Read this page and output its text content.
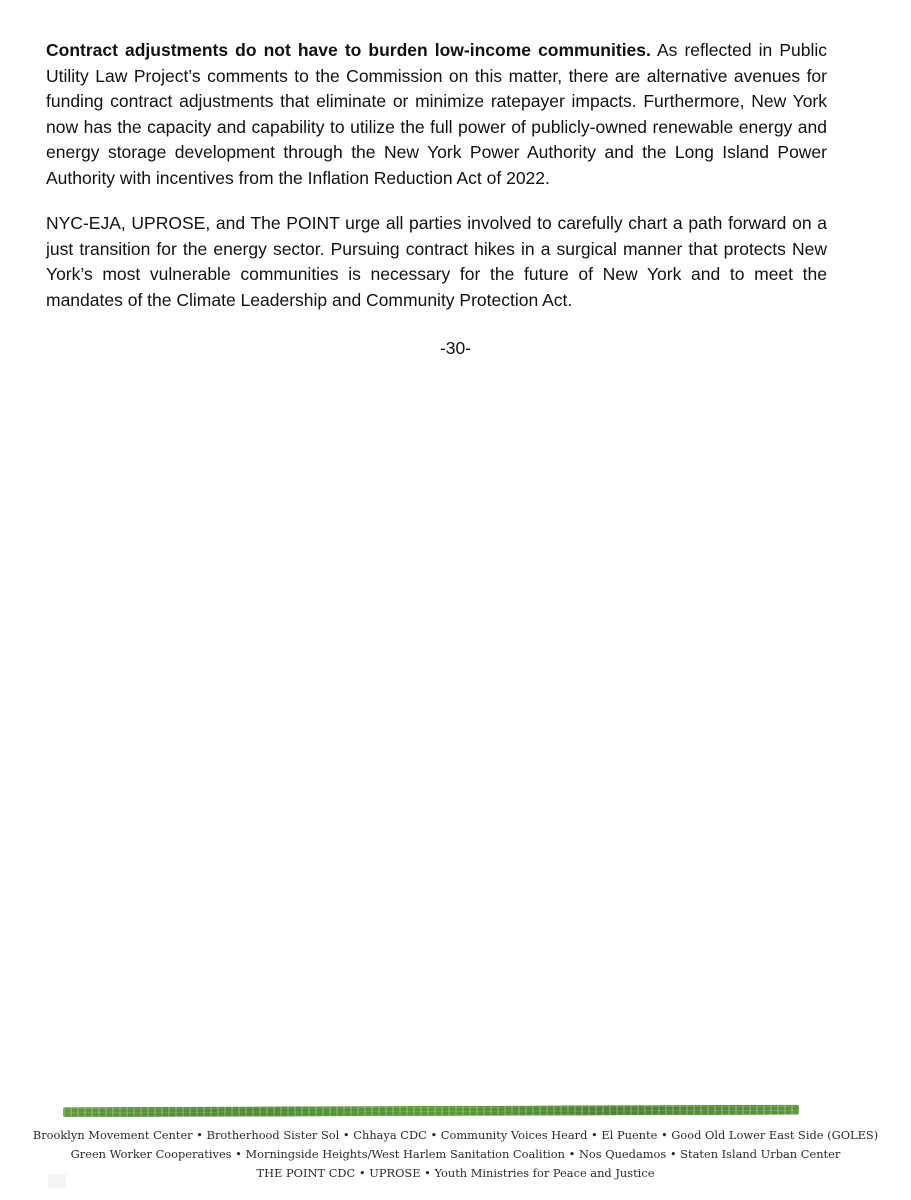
Contract adjustments do not have to burden low-income communities. As reflected in Public Utility Law Project’s comments to the Commission on this matter, there are alternative avenues for funding contract adjustments that eliminate or minimize ratepayer impacts. Furthermore, New York now has the capacity and capability to utilize the full power of publicly-owned renewable energy and energy storage development through the New York Power Authority and the Long Island Power Authority with incentives from the Inflation Reduction Act of 2022.

NYC-EJA, UPROSE, and The POINT urge all parties involved to carefully chart a path forward on a just transition for the energy sector. Pursuing contract hikes in a surgical manner that protects New York’s most vulnerable communities is necessary for the future of New York and to meet the mandates of the Climate Leadership and Community Protection Act.

-30-
Brooklyn Movement Center • Brotherhood Sister Sol • Chhaya CDC • Community Voices Heard • El Puente • Good Old Lower East Side (GOLES)
Green Worker Cooperatives • Morningside Heights/West Harlem Sanitation Coalition • Nos Quedamos • Staten Island Urban Center
THE POINT CDC • UPROSE • Youth Ministries for Peace and Justice
